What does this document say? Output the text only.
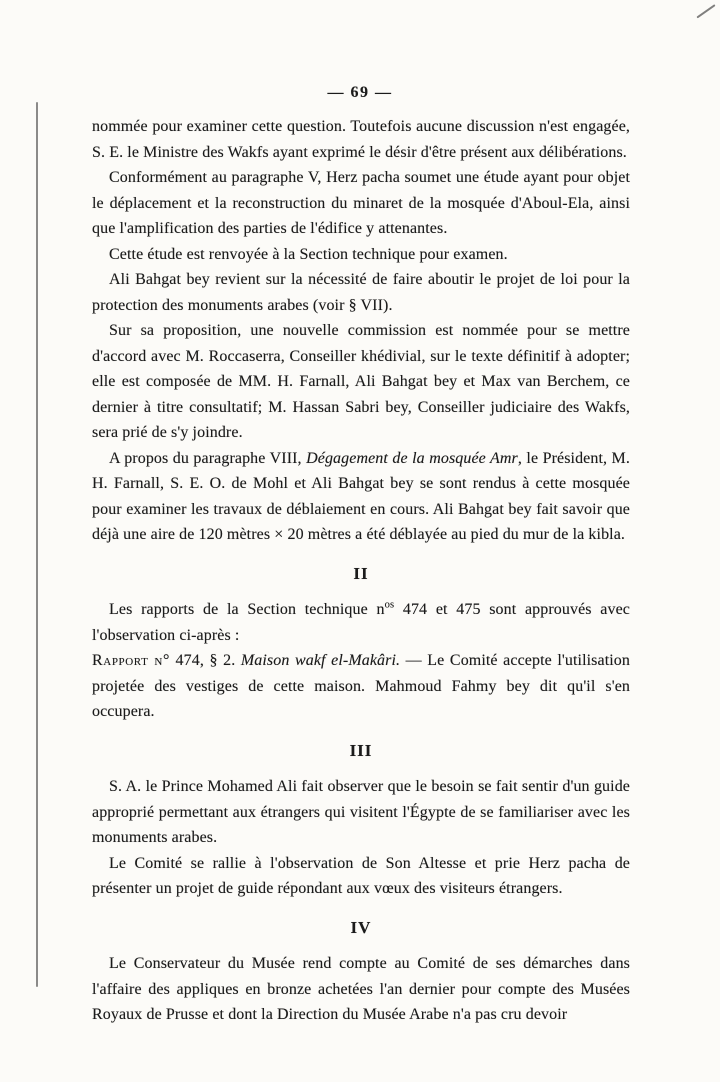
— 69 —

nommée pour examiner cette question. Toutefois aucune discussion n'est engagée, S. E. le Ministre des Wakfs ayant exprimé le désir d'être présent aux délibérations.

Conformément au paragraphe V, Herz pacha soumet une étude ayant pour objet le déplacement et la reconstruction du minaret de la mosquée d'Aboul-Ela, ainsi que l'amplification des parties de l'édifice y attenantes.

Cette étude est renvoyée à la Section technique pour examen.

Ali Bahgat bey revient sur la nécessité de faire aboutir le projet de loi pour la protection des monuments arabes (voir § VII).

Sur sa proposition, une nouvelle commission est nommée pour se mettre d'accord avec M. Roccaserra, Conseiller khédivial, sur le texte définitif à adopter; elle est composée de MM. H. Farnall, Ali Bahgat bey et Max van Berchem, ce dernier à titre consultatif; M. Hassan Sabri bey, Conseiller judiciaire des Wakfs, sera prié de s'y joindre.

A propos du paragraphe VIII, Dégagement de la mosquée Amr, le Président, M. H. Farnall, S. E. O. de Mohl et Ali Bahgat bey se sont rendus à cette mosquée pour examiner les travaux de déblaiement en cours. Ali Bahgat bey fait savoir que déjà une aire de 120 mètres × 20 mètres a été déblayée au pied du mur de la kibla.

II

Les rapports de la Section technique $n^{os}$ 474 et 475 sont approuvés avec l'observation ci-après :

Rapport n° 474, § 2. Maison wakf el-Makâri. — Le Comité accepte l'utilisation projetée des vestiges de cette maison. Mahmoud Fahmy bey dit qu'il s'en occupera.

III

S. A. le Prince Mohamed Ali fait observer que le besoin se fait sentir d'un guide approprié permettant aux étrangers qui visitent l'Égypte de se familiariser avec les monuments arabes.

Le Comité se rallie à l'observation de Son Altesse et prie Herz pacha de présenter un projet de guide répondant aux vœux des visiteurs étrangers.

IV

Le Conservateur du Musée rend compte au Comité de ses démarches dans l'affaire des appliques en bronze achetées l'an dernier pour compte des Musées Royaux de Prusse et dont la Direction du Musée Arabe n'a pas cru devoir
